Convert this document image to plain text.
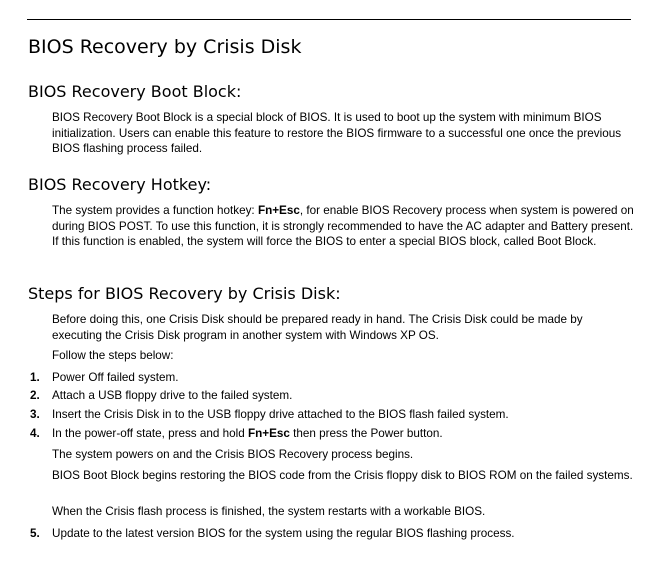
BIOS Recovery by Crisis Disk
BIOS Recovery Boot Block:

BIOS Recovery Boot Block is a special block of BIOS. It is used to boot up the system with minimum BIOS initialization. Users can enable this feature to restore the BIOS firmware to a successful one once the previous BIOS flashing process failed.

BIOS Recovery Hotkey:

The system provides a function hotkey: Fn+Esc, for enable BIOS Recovery process when system is powered on during BIOS POST. To use this function, it is strongly recommended to have the AC adapter and Battery present. If this function is enabled, the system will force the BIOS to enter a special BIOS block, called Boot Block.

Steps for BIOS Recovery by Crisis Disk:

Before doing this, one Crisis Disk should be prepared ready in hand. The Crisis Disk could be made by executing the Crisis Disk program in another system with Windows XP OS.

Follow the steps below:

1. Power Off failed system.

2. Attach a USB floppy drive to the failed system.

3. Insert the Crisis Disk in to the USB floppy drive attached to the BIOS flash failed system.

4. In the power-off state, press and hold Fn+Esc then press the Power button.

The system powers on and the Crisis BIOS Recovery process begins.

BIOS Boot Block begins restoring the BIOS code from the Crisis floppy disk to BIOS ROM on the failed systems.

When the Crisis flash process is finished, the system restarts with a workable BIOS.

5. Update to the latest version BIOS for the system using the regular BIOS flashing process.
